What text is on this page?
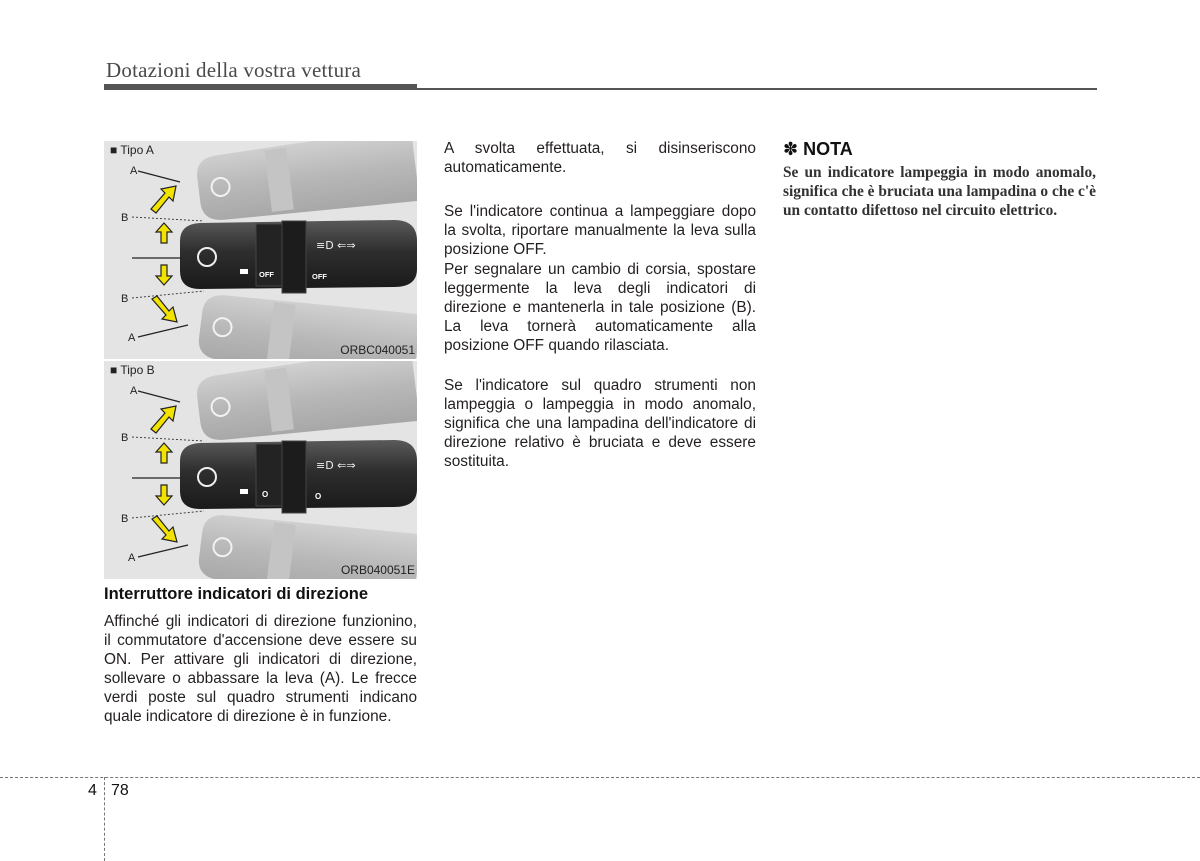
Dotazioni della vostra vettura
OFF	OFF
≡D ⇐⇒
A
B
B
A
■ Tipo A
ORBC040051
O	O
≡D ⇐⇒
A
B
B
A
■ Tipo B
ORB040051E
Interruttore indicatori di direzione
Affinché gli indicatori di direzione funzionino, il commutatore d'accensione deve essere su ON. Per attivare gli indicatori di direzione, sollevare o abbassare la leva (A). Le frecce verdi poste sul quadro strumenti indicano quale indicatore di direzione è in funzione.
A svolta effettuata, si disinseriscono automaticamente.
Se l'indicatore continua a lampeggiare dopo la svolta, riportare manualmente la leva sulla posizione OFF.
Per segnalare un cambio di corsia, spostare leggermente la leva degli indicatori di direzione e mantenerla in tale posizione (B). La leva tornerà automaticamente alla posizione OFF quando rilasciata.
Se l'indicatore sul quadro strumenti non lampeggia o lampeggia in modo anomalo, significa che una lampadina dell'indicatore di direzione relativo è bruciata e deve essere sostituita.
✽ NOTA
Se un indicatore lampeggia in modo anomalo, significa che è bruciata una lampadina o che c'è un contatto difettoso nel circuito elettrico.
4 78
